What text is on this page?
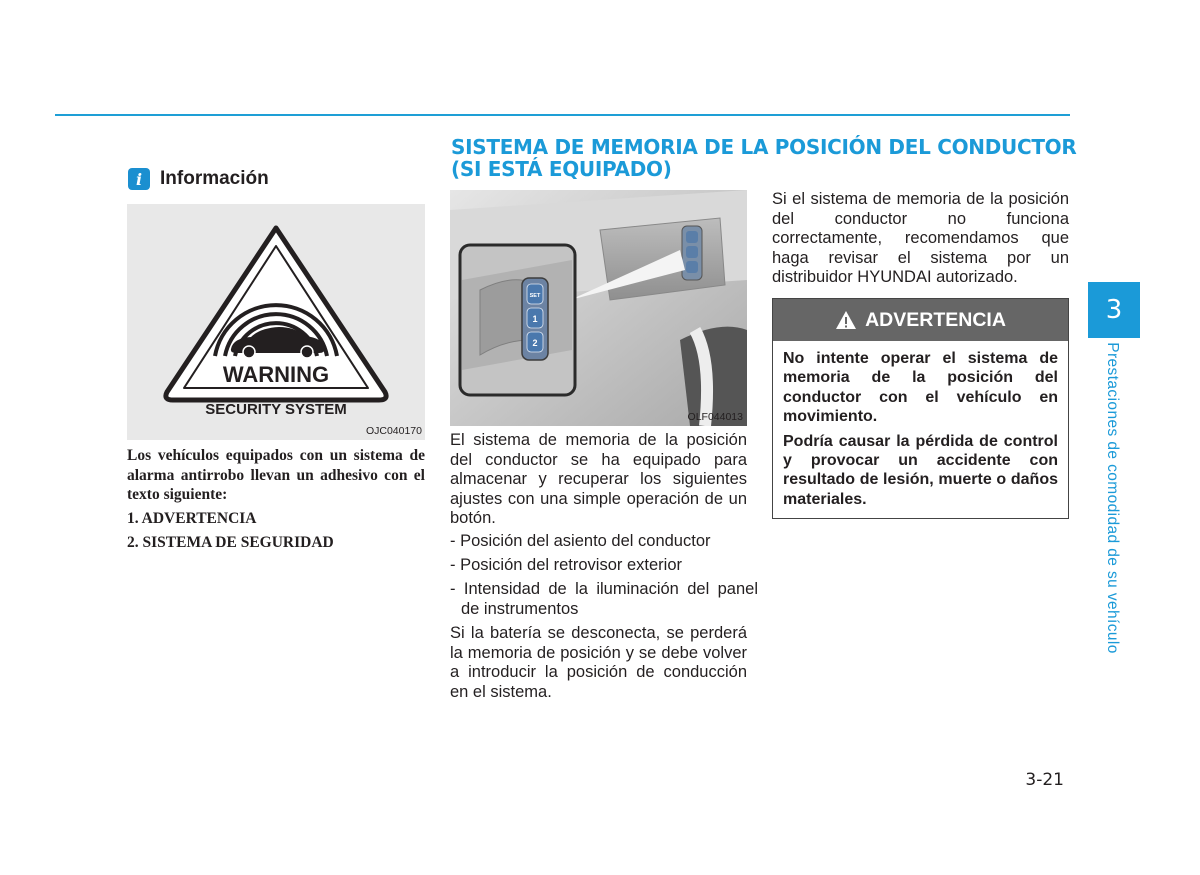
i Información
WARNING
SECURITY SYSTEM
OJC040170
Los vehículos equipados con un sistema de alarma antirrobo llevan un adhesivo con el texto siguiente:
1. ADVERTENCIA
2. SISTEMA DE SEGURIDAD
SISTEMA DE MEMORIA DE LA POSICIÓN DEL CONDUCTOR
(SI ESTÁ EQUIPADO)
SET
1
2
OLF044013
El sistema de memoria de la posición del conductor se ha equipado para almacenar y recuperar los siguientes ajustes con una simple operación de un botón.
- Posición del asiento del conductor
- Posición del retrovisor exterior
- Intensidad de la iluminación del panel de instrumentos
Si la batería se desconecta, se perderá la memoria de posición y se debe volver a introducir la posición de conducción en el sistema.
Si el sistema de memoria de la posición del conductor no funciona correctamente, recomendamos que haga revisar el sistema por un distribuidor HYUNDAI autorizado.
ADVERTENCIA

No intente operar el sistema de memoria de la posición del conductor con el vehículo en movimiento.

Podría causar la pérdida de control y provocar un accidente con resultado de lesión, muerte o daños materiales.

3
Prestaciones de comodidad de su vehículo
3-21
